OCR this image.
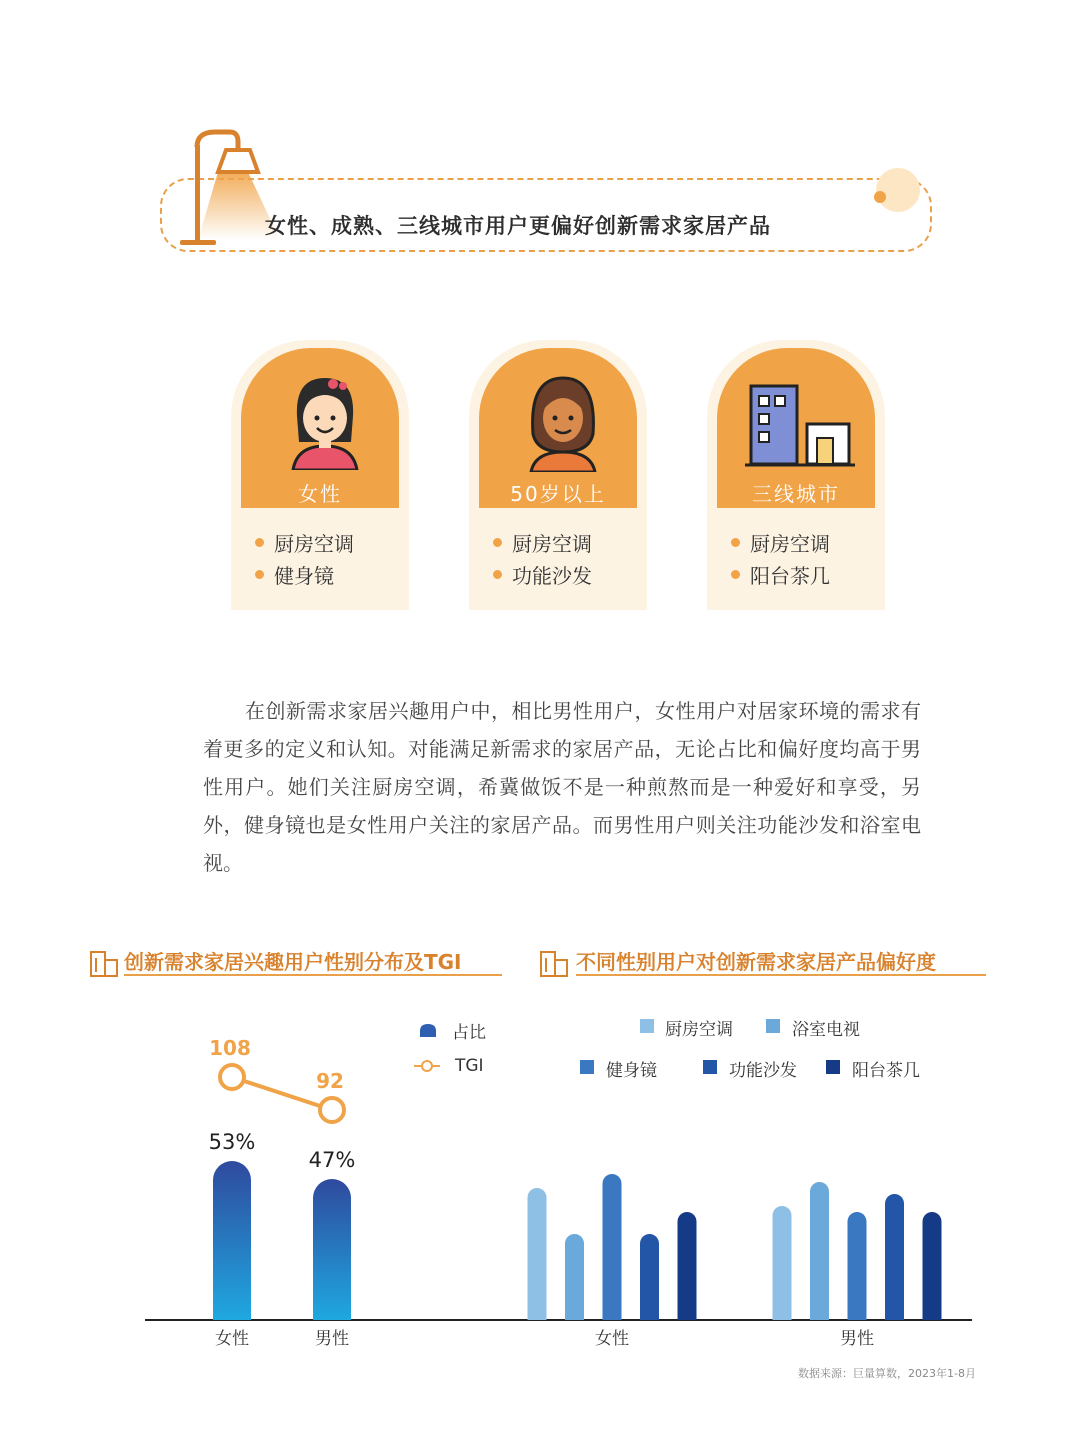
女性、成熟、三线城市用户更偏好创新需求家居产品
女性
厨房空调
健身镜
50岁以上
厨房空调
功能沙发
三线城市
厨房空调
阳台茶几
在创新需求家居兴趣用户中，相比男性用户，女性用户对居家环境的需求有着更多的定义和认知。对能满足新需求的家居产品，无论占比和偏好度均高于男性用户。她们关注厨房空调，希冀做饭不是一种煎熬而是一种爱好和享受，另外，健身镜也是女性用户关注的家居产品。而男性用户则关注功能沙发和浴室电视。
创新需求家居兴趣用户性别分布及TGI	不同性别用户对创新需求家居产品偏好度
占比
TGI
厨房空调	浴室电视
健身镜	功能沙发	阳台茶几
53%
女性
47%
男性
108
92
女性	男性
数据来源：巨量算数，2023年1-8月
